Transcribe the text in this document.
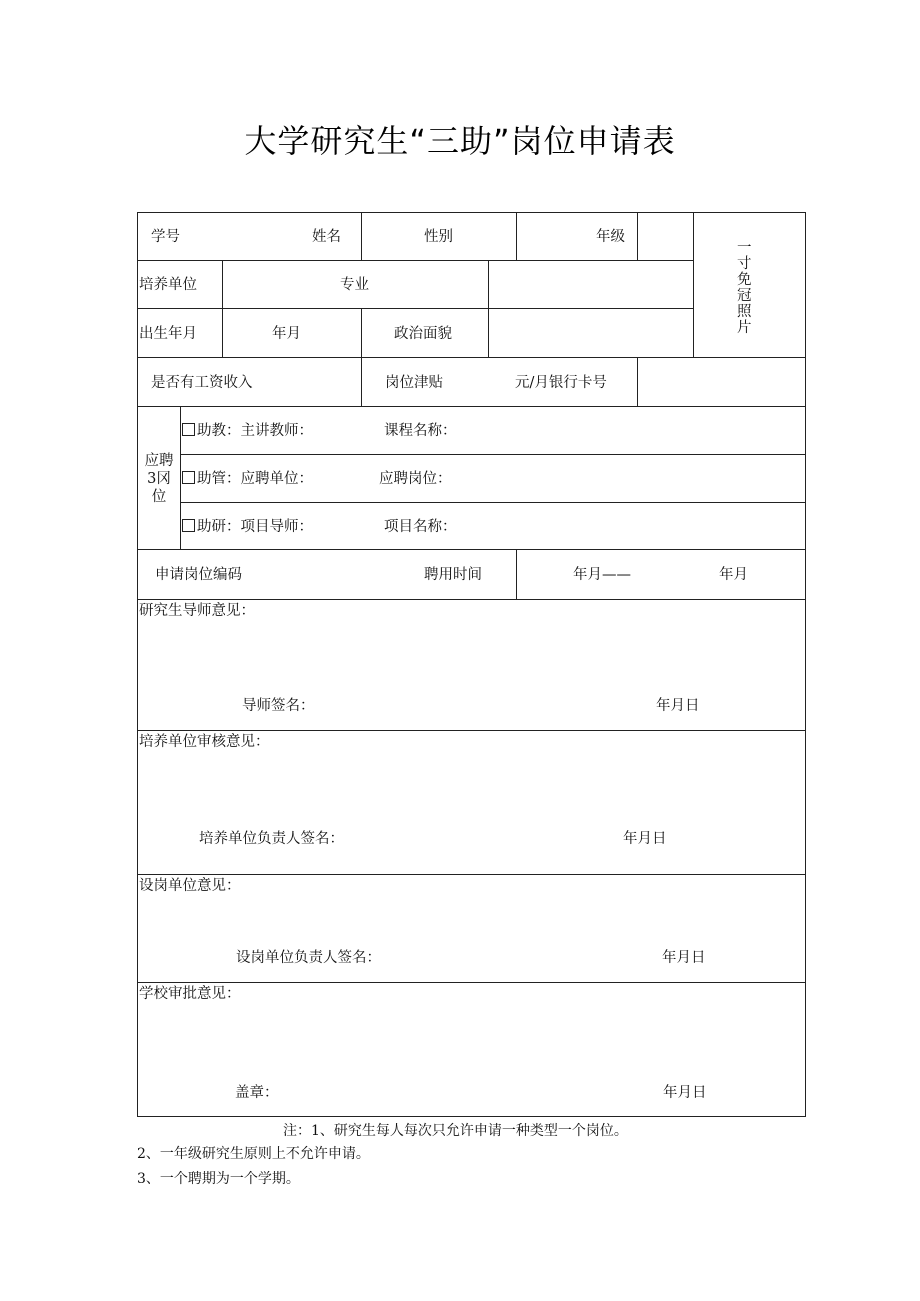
大学研究生“三助”岗位申请表
学号	姓名	性别	年级
一寸免冠照片
培养单位	专业
出生年月	年月	政治面貌
是否有工资收入	岗位津贴	元/月银行卡号
应聘
3冈
位
助教：主讲教师：	课程名称：
助管：应聘单位：	应聘岗位：
助研：项目导师：	项目名称：
申请岗位编码	聘用时间	年月——	年月
研究生导师意见：
导师签名：	年月日
培养单位审核意见：
培养单位负责人签名：	年月日
设岗单位意见：
设岗单位负责人签名：	年月日
学校审批意见：
盖章：	年月日
注：1、研究生每人每次只允许申请一种类型一个岗位。
2、一年级研究生原则上不允许申请。
3、一个聘期为一个学期。
